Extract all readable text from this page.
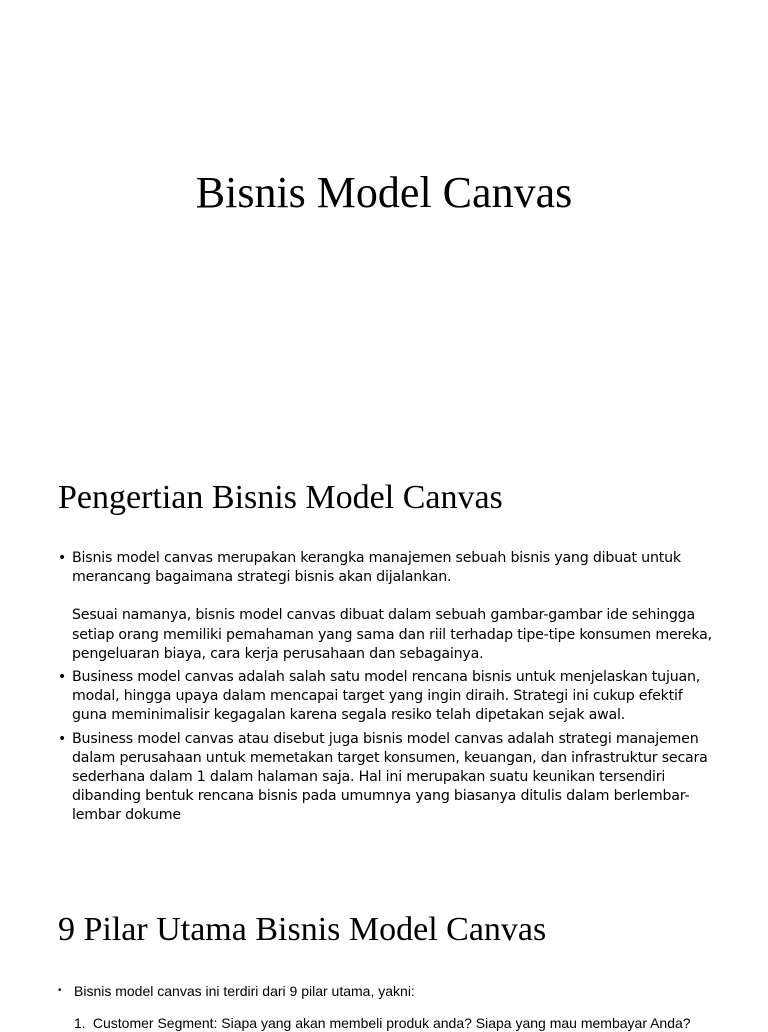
Bisnis Model Canvas
Pengertian Bisnis Model Canvas
• Bisnis model canvas merupakan kerangka manajemen sebuah bisnis yang dibuat untuk merancang bagaimana strategi bisnis akan dijalankan.
Sesuai namanya, bisnis model canvas dibuat dalam sebuah gambar-gambar ide sehingga setiap orang memiliki pemahaman yang sama dan riil terhadap tipe-tipe konsumen mereka, pengeluaran biaya, cara kerja perusahaan dan sebagainya.
• Business model canvas adalah salah satu model rencana bisnis untuk menjelaskan tujuan, modal, hingga upaya dalam mencapai target yang ingin diraih. Strategi ini cukup efektif guna meminimalisir kegagalan karena segala resiko telah dipetakan sejak awal.
• Business model canvas atau disebut juga bisnis model canvas adalah strategi manajemen dalam perusahaan untuk memetakan target konsumen, keuangan, dan infrastruktur secara sederhana dalam 1 dalam halaman saja. Hal ini merupakan suatu keunikan tersendiri dibanding bentuk rencana bisnis pada umumnya yang biasanya ditulis dalam berlembar-lembar dokume
9 Pilar Utama Bisnis Model Canvas
• Bisnis model canvas ini terdiri dari 9 pilar utama, yakni:
1. Customer Segment: Siapa yang akan membeli produk anda? Siapa yang mau membayar Anda?
